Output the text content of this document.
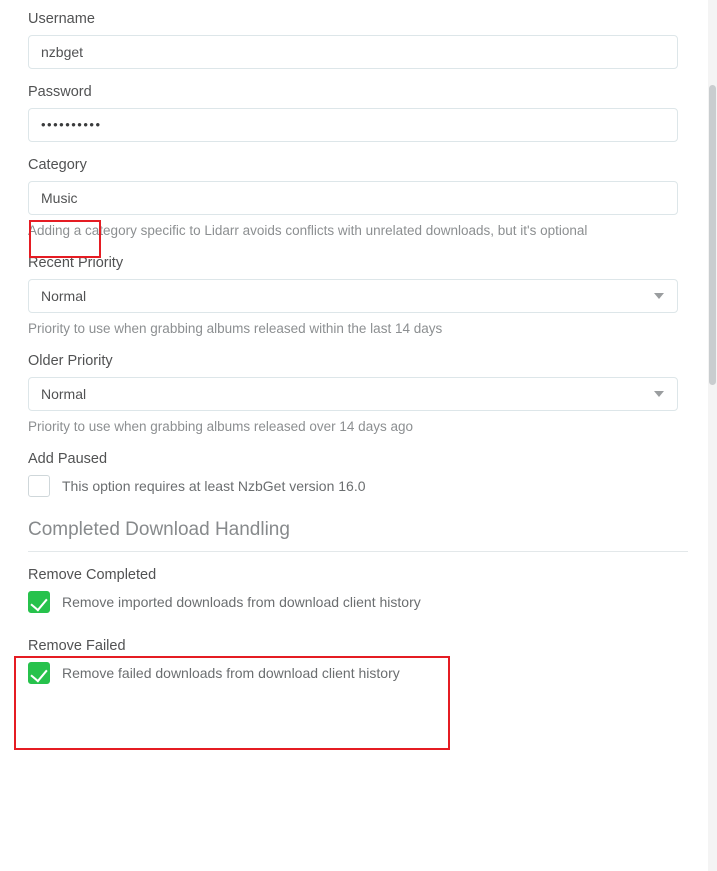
Username
nzbget
Password
••••••••••
Category
Music
Adding a category specific to Lidarr avoids conflicts with unrelated downloads, but it's optional
Recent Priority
Normal
Priority to use when grabbing albums released within the last 14 days
Older Priority
Normal
Priority to use when grabbing albums released over 14 days ago
Add Paused
This option requires at least NzbGet version 16.0
Completed Download Handling
Remove Completed
Remove imported downloads from download client history
Remove Failed
Remove failed downloads from download client history
